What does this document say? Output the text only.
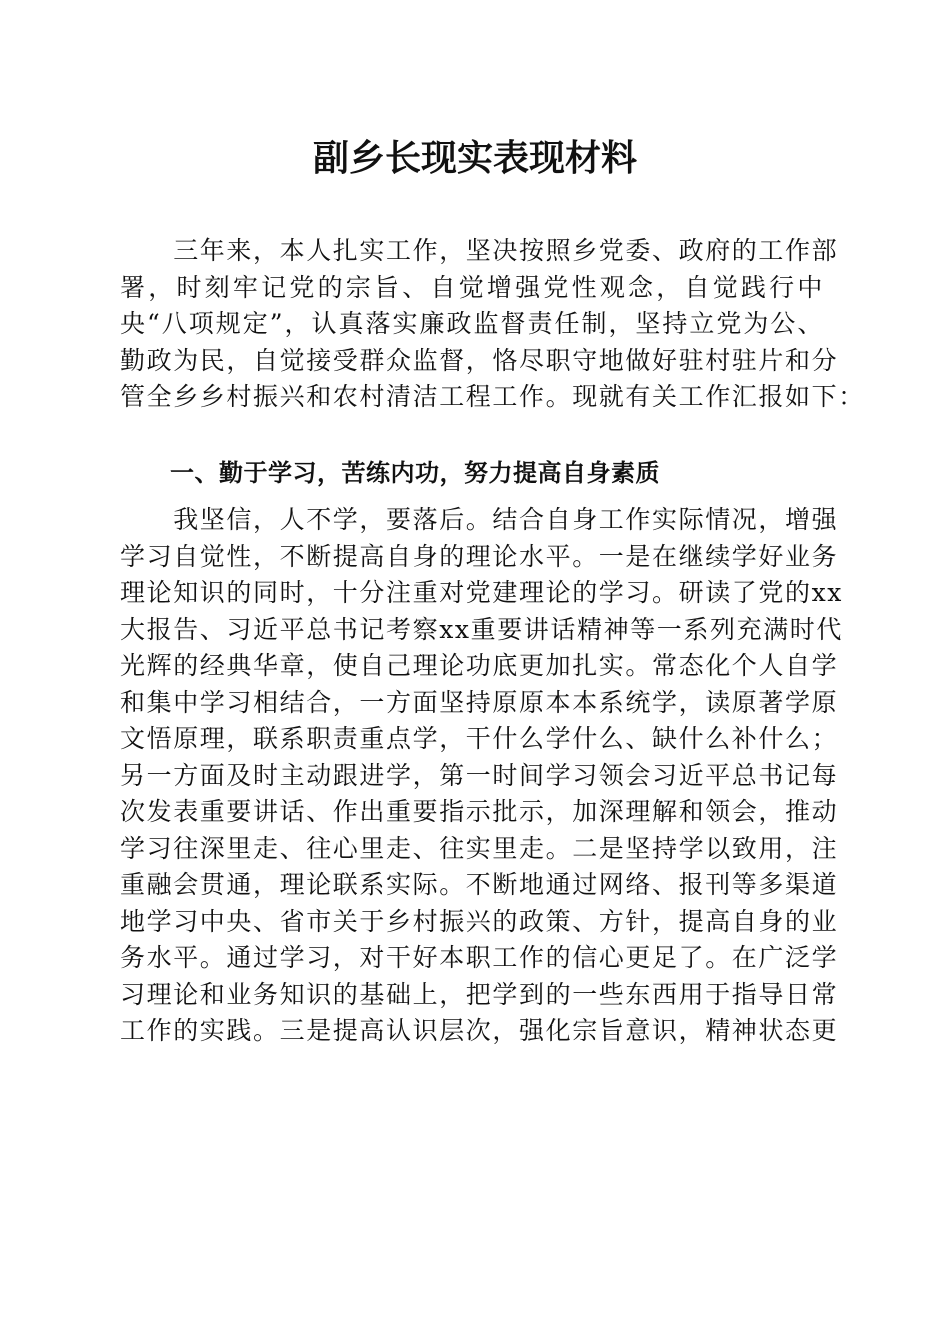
副乡长现实表现材料
　　三年来，本人扎实工作，坚决按照乡党委、政府的工作部
署，时刻牢记党的宗旨、自觉增强党性观念，自觉践行中
央“八项规定”，认真落实廉政监督责任制，坚持立党为公、
勤政为民，自觉接受群众监督，恪尽职守地做好驻村驻片和分
管全乡乡村振兴和农村清洁工程工作。现就有关工作汇报如下：
一、勤于学习，苦练内功，努力提高自身素质
　　我坚信，人不学，要落后。结合自身工作实际情况，增强
学习自觉性，不断提高自身的理论水平。一是在继续学好业务
理论知识的同时，十分注重对党建理论的学习。研读了党的xx
大报告、习近平总书记考察xx重要讲话精神等一系列充满时代
光辉的经典华章，使自己理论功底更加扎实。常态化个人自学
和集中学习相结合，一方面坚持原原本本系统学，读原著学原
文悟原理，联系职责重点学，干什么学什么、缺什么补什么；
另一方面及时主动跟进学，第一时间学习领会习近平总书记每
次发表重要讲话、作出重要指示批示，加深理解和领会，推动
学习往深里走、往心里走、往实里走。二是坚持学以致用，注
重融会贯通，理论联系实际。不断地通过网络、报刊等多渠道
地学习中央、省市关于乡村振兴的政策、方针，提高自身的业
务水平。通过学习，对干好本职工作的信心更足了。在广泛学
习理论和业务知识的基础上，把学到的一些东西用于指导日常
工作的实践。三是提高认识层次，强化宗旨意识，精神状态更
